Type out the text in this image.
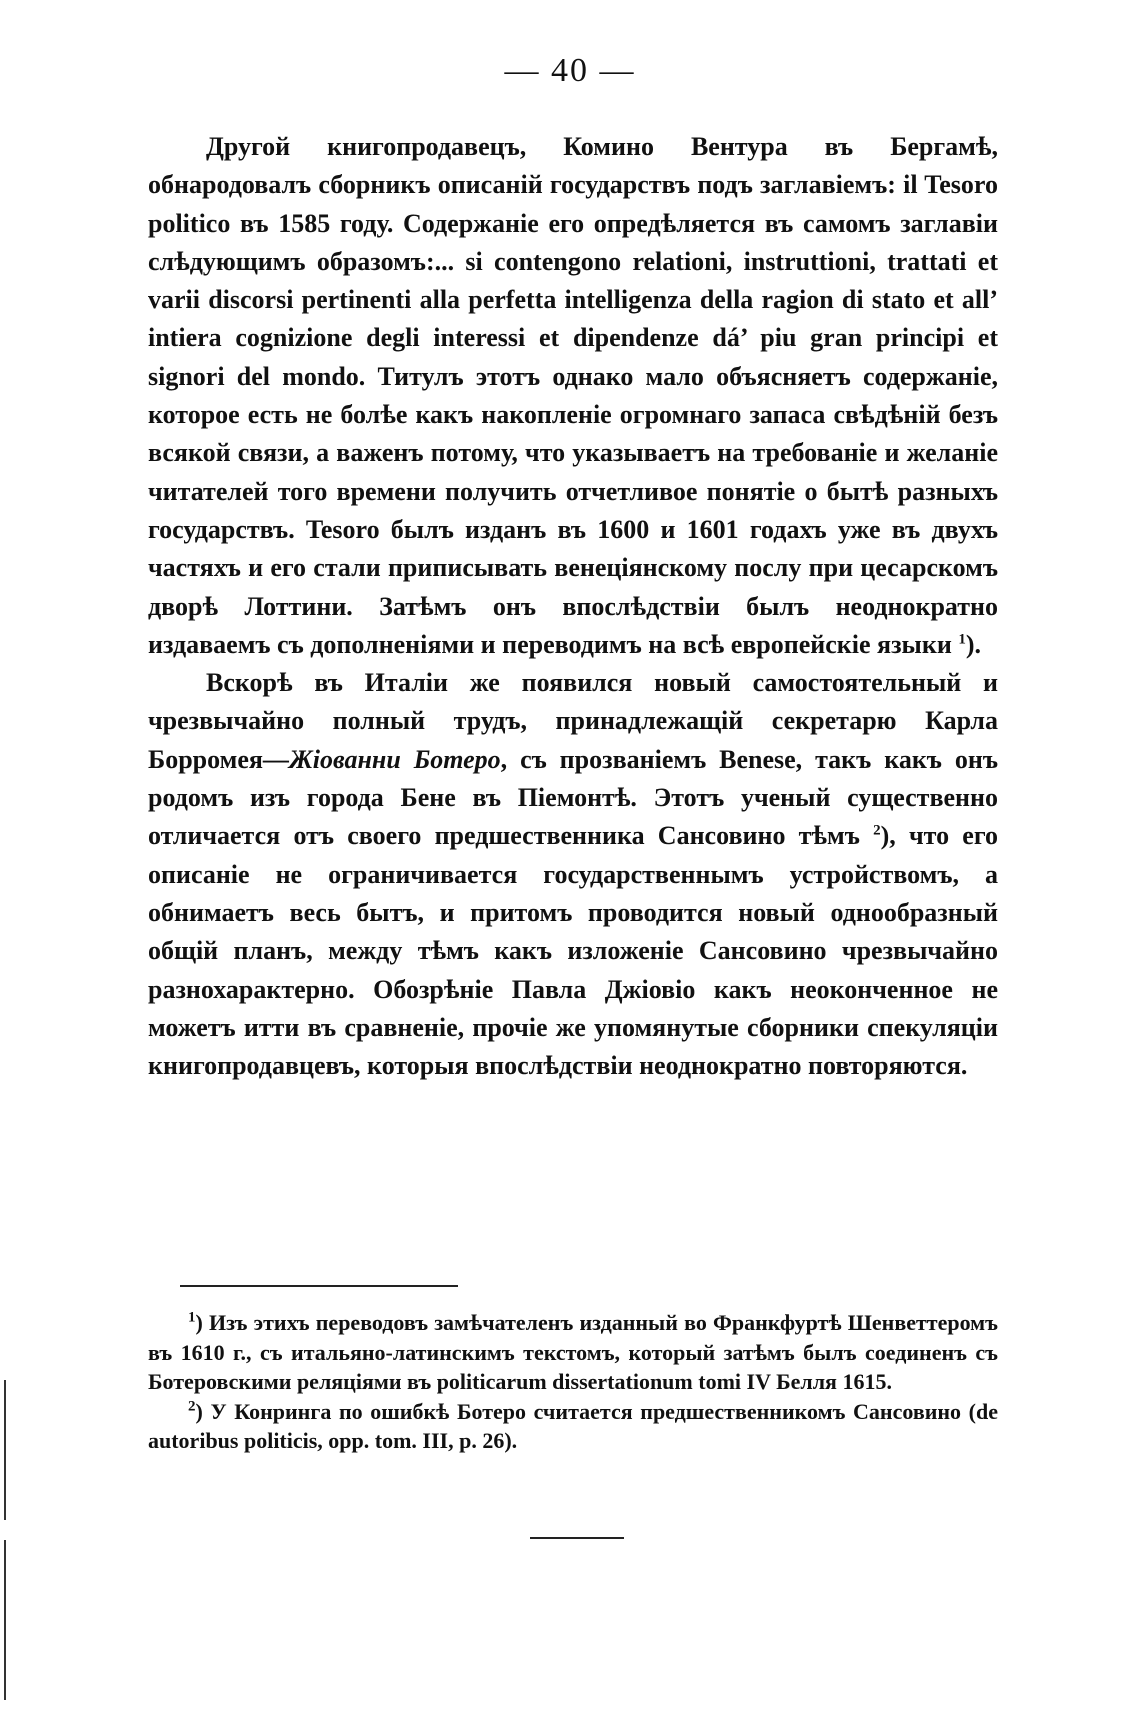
— 40 —

Другой книгопродавецъ, Комино Вентура въ Бергамѣ, обнародовалъ сборникъ описаній государствъ подъ заглавіемъ: il Tesoro politico въ 1585 году. Содержаніе его опредѣляется въ самомъ заглавіи слѣдующимъ образомъ:... si contengono relationi, instruttioni, trattati et varii discorsi pertinenti alla perfetta intelligenza della ragion di stato et all’ intiera cognizione degli interessi et dipendenze dá’ piu gran principi et signori del mondo. Титулъ этотъ однако мало объясняетъ содержаніе, которое есть не болѣе какъ накопленіе огромнаго запаса свѣдѣній безъ всякой связи, а важенъ потому, что указываетъ на требованіе и желаніе читателей того времени получить отчетливое понятіе о бытѣ разныхъ государствъ. Tesoro былъ изданъ въ 1600 и 1601 годахъ уже въ двухъ частяхъ и его стали приписывать венеціянскому послу при цесарскомъ дворѣ Лоттини. Затѣмъ онъ впослѣдствіи былъ неоднократно издаваемъ съ дополненіями и переводимъ на всѣ европейскіе языки $^1$).

Вскорѣ въ Италіи же появился новый самостоятельный и чрезвычайно полный трудъ, принадлежащій секретарю Карла Борромея—Жіованни Ботеро, съ прозваніемъ Benese, такъ какъ онъ родомъ изъ города Бене въ Піемонтѣ. Этотъ ученый существенно отличается отъ своего предшественника Сансовино тѣмъ $^2$), что его описаніе не ограничивается государственнымъ устройствомъ, а обнимаетъ весь бытъ, и притомъ проводится новый однообразный общій планъ, между тѣмъ какъ изложеніе Сансовино чрезвычайно разнохарактерно. Обозрѣніе Павла Джіовіо какъ неоконченное не можетъ итти въ сравненіе, прочіе же упомянутые сборники спекуляціи книгопродавцевъ, которыя впослѣдствіи неоднократно повторяются.

$^1$) Изъ этихъ переводовъ замѣчателенъ изданный во Франкфуртѣ Шенветтеромъ въ 1610 г., съ итальяно-латинскимъ текстомъ, который затѣмъ былъ соединенъ съ Ботеровскими реляціями въ politicarum dissertationum tomi IV Белля 1615.

$^2$) У Конринга по ошибкѣ Ботеро считается предшественникомъ Сансовино (de autoribus politicis, opp. tom. III, p. 26).
